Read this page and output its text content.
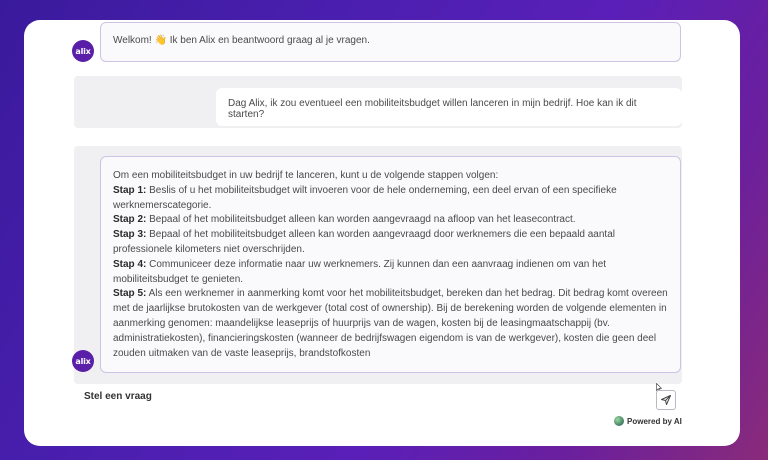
alix
Welkom! 👋 Ik ben Alix en beantwoord graag al je vragen.
Dag Alix, ik zou eventueel een mobiliteitsbudget willen lanceren in mijn bedrijf. Hoe kan ik dit starten?
alix
Om een mobiliteitsbudget in uw bedrijf te lanceren, kunt u de volgende stappen volgen:
Stap 1: Beslis of u het mobiliteitsbudget wilt invoeren voor de hele onderneming, een deel ervan of een specifieke werknemerscategorie.
Stap 2: Bepaal of het mobiliteitsbudget alleen kan worden aangevraagd na afloop van het leasecontract.
Stap 3: Bepaal of het mobiliteitsbudget alleen kan worden aangevraagd door werknemers die een bepaald aantal professionele kilometers niet overschrijden.
Stap 4: Communiceer deze informatie naar uw werknemers. Zij kunnen dan een aanvraag indienen om van het mobiliteitsbudget te genieten.
Stap 5: Als een werknemer in aanmerking komt voor het mobiliteitsbudget, bereken dan het bedrag. Dit bedrag komt overeen met de jaarlijkse brutokosten van de werkgever (total cost of ownership). Bij de berekening worden de volgende elementen in aanmerking genomen: maandelijkse leaseprijs of huurprijs van de wagen, kosten bij de leasingmaatschappij (bv. administratiekosten), financieringskosten (wanneer de bedrijfswagen eigendom is van de werkgever), kosten die geen deel zouden uitmaken van de vaste leaseprijs, brandstofkosten
Stel een vraag
Powered by AI
